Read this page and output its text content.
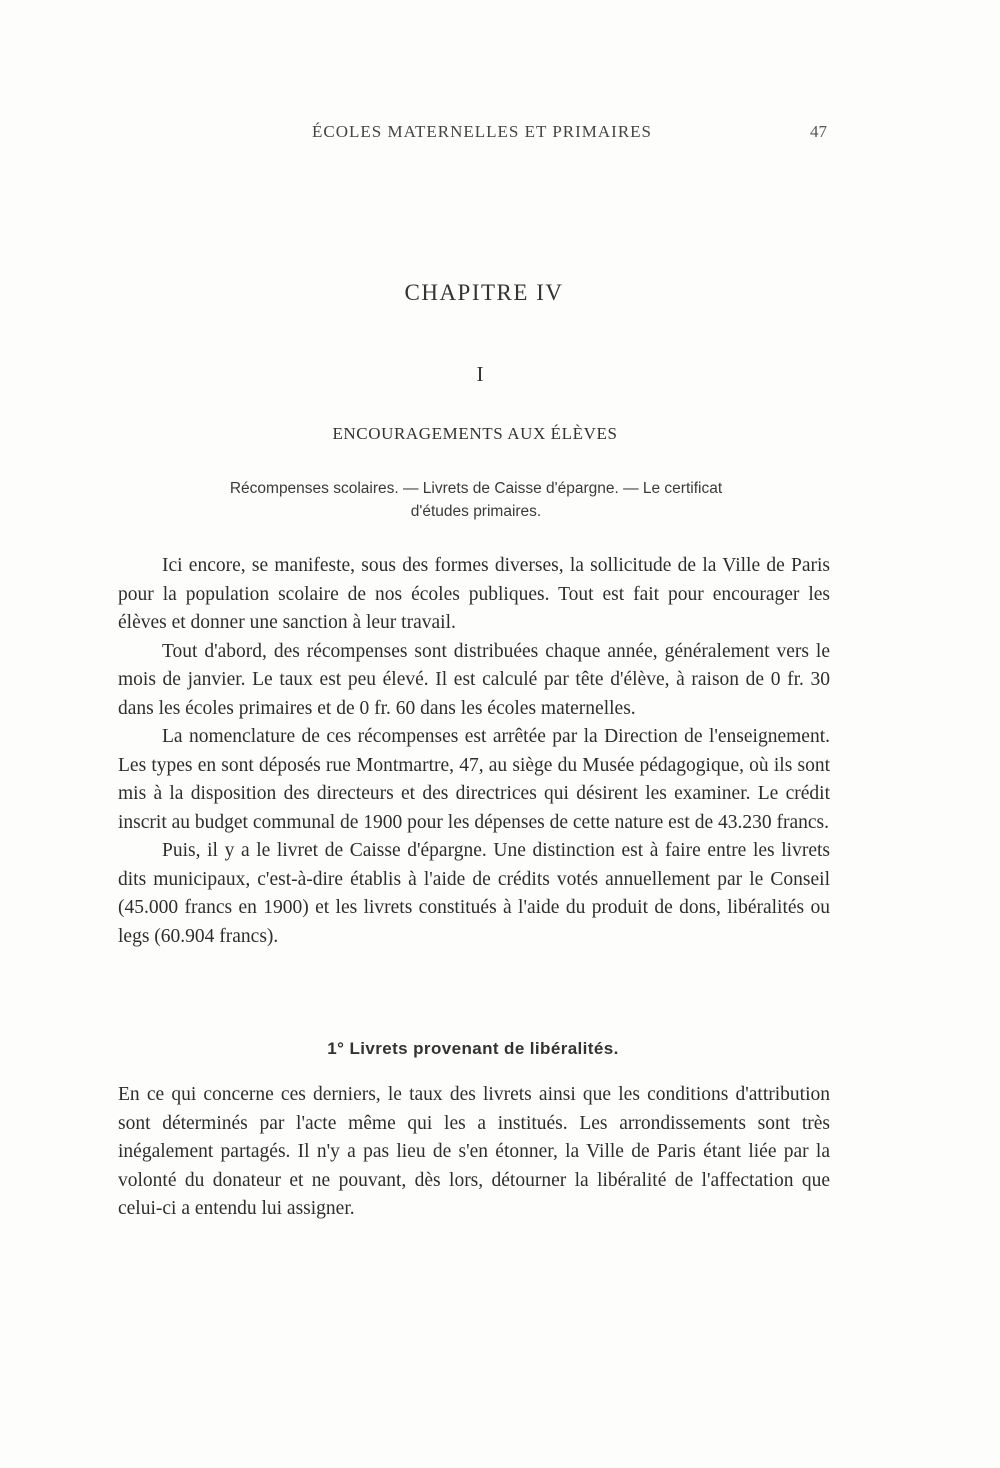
ÉCOLES MATERNELLES ET PRIMAIRES	47
CHAPITRE IV
I
ENCOURAGEMENTS AUX ÉLÈVES
Récompenses scolaires. — Livrets de Caisse d'épargne. — Le certificat
d'études primaires.

Ici encore, se manifeste, sous des formes diverses, la sollicitude de la Ville de Paris pour la population scolaire de nos écoles publiques. Tout est fait pour encourager les élèves et donner une sanction à leur travail.

Tout d'abord, des récompenses sont distribuées chaque année, généralement vers le mois de janvier. Le taux est peu élevé. Il est calculé par tête d'élève, à raison de 0 fr. 30 dans les écoles primaires et de 0 fr. 60 dans les écoles maternelles.

La nomenclature de ces récompenses est arrêtée par la Direction de l'enseignement. Les types en sont déposés rue Montmartre, 47, au siège du Musée pédagogique, où ils sont mis à la disposition des directeurs et des directrices qui désirent les examiner. Le crédit inscrit au budget communal de 1900 pour les dépenses de cette nature est de 43.230 francs.

Puis, il y a le livret de Caisse d'épargne. Une distinction est à faire entre les livrets dits municipaux, c'est-à-dire établis à l'aide de crédits votés annuellement par le Conseil (45.000 francs en 1900) et les livrets constitués à l'aide du produit de dons, libéralités ou legs (60.904 francs).

1° Livrets provenant de libéralités.

En ce qui concerne ces derniers, le taux des livrets ainsi que les conditions d'attribution sont déterminés par l'acte même qui les a institués. Les arrondissements sont très inégalement partagés. Il n'y a pas lieu de s'en étonner, la Ville de Paris étant liée par la volonté du donateur et ne pouvant, dès lors, détourner la libéralité de l'affectation que celui-ci a entendu lui assigner.
